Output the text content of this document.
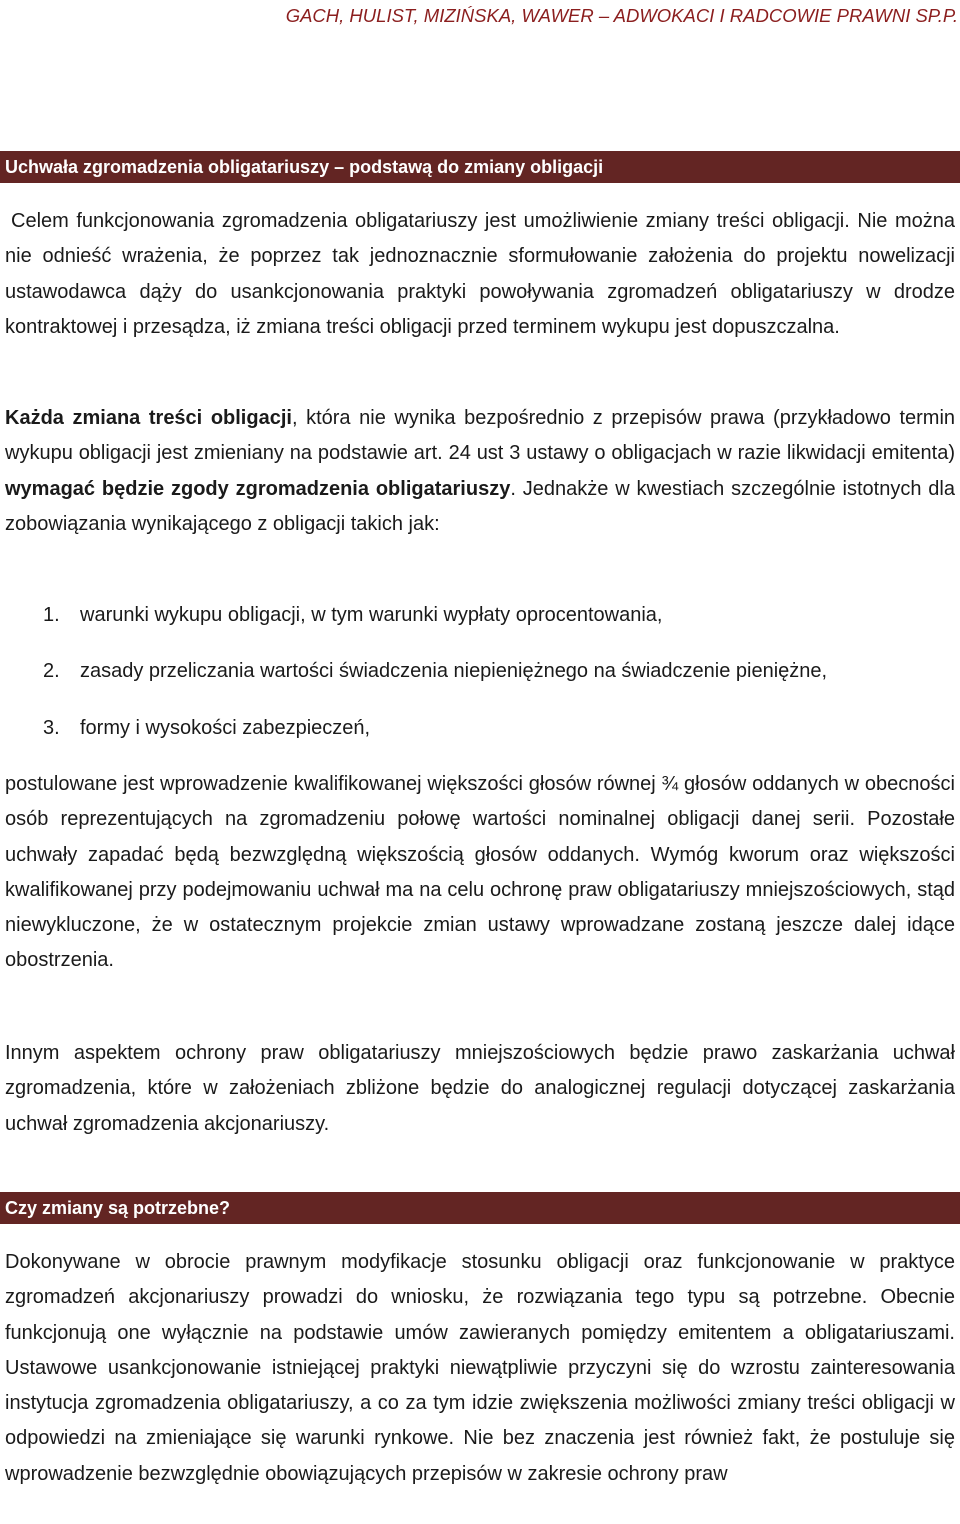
GACH, HULIST, MIZIŃSKA, WAWER – ADWOKACI I RADCOWIE PRAWNI SP.P.
Uchwała zgromadzenia obligatariuszy – podstawą do zmiany obligacji
Celem funkcjonowania zgromadzenia obligatariuszy jest umożliwienie zmiany treści obligacji. Nie można nie odnieść wrażenia, że poprzez tak jednoznacznie sformułowanie założenia do projektu nowelizacji ustawodawca dąży do usankcjonowania praktyki powoływania zgromadzeń obligatariuszy w drodze kontraktowej i przesądza, iż zmiana treści obligacji przed terminem wykupu jest dopuszczalna.
Każda zmiana treści obligacji, która nie wynika bezpośrednio z przepisów prawa (przykładowo termin wykupu obligacji jest zmieniany na podstawie art. 24 ust 3 ustawy o obligacjach w razie likwidacji emitenta) wymagać będzie zgody zgromadzenia obligatariuszy. Jednakże w kwestiach szczególnie istotnych dla zobowiązania wynikającego z obligacji takich jak:
1. warunki wykupu obligacji, w tym warunki wypłaty oprocentowania,
2. zasady przeliczania wartości świadczenia niepieniężnego na świadczenie pieniężne,
3. formy i wysokości zabezpieczeń,
postulowane jest wprowadzenie kwalifikowanej większości głosów równej ¾ głosów oddanych w obecności osób reprezentujących na zgromadzeniu połowę wartości nominalnej obligacji danej serii. Pozostałe uchwały zapadać będą bezwzględną większością głosów oddanych. Wymóg kworum oraz większości kwalifikowanej przy podejmowaniu uchwał ma na celu ochronę praw obligatariuszy mniejszościowych, stąd niewykluczone, że w ostatecznym projekcie zmian ustawy wprowadzane zostaną jeszcze dalej idące obostrzenia.
Innym aspektem ochrony praw obligatariuszy mniejszościowych będzie prawo zaskarżania uchwał zgromadzenia, które w założeniach zbliżone będzie do analogicznej regulacji dotyczącej zaskarżania uchwał zgromadzenia akcjonariuszy.
Czy zmiany są potrzebne?
Dokonywane w obrocie prawnym modyfikacje stosunku obligacji oraz funkcjonowanie w praktyce zgromadzeń akcjonariuszy prowadzi do wniosku, że rozwiązania tego typu są potrzebne. Obecnie funkcjonują one wyłącznie na podstawie umów zawieranych pomiędzy emitentem a obligatariuszami. Ustawowe usankcjonowanie istniejącej praktyki niewątpliwie przyczyni się do wzrostu zainteresowania instytucja zgromadzenia obligatariuszy, a co za tym idzie zwiększenia możliwości zmiany treści obligacji w odpowiedzi na zmieniające się warunki rynkowe. Nie bez znaczenia jest również fakt, że postuluje się wprowadzenie bezwzględnie obowiązujących przepisów w zakresie ochrony praw
